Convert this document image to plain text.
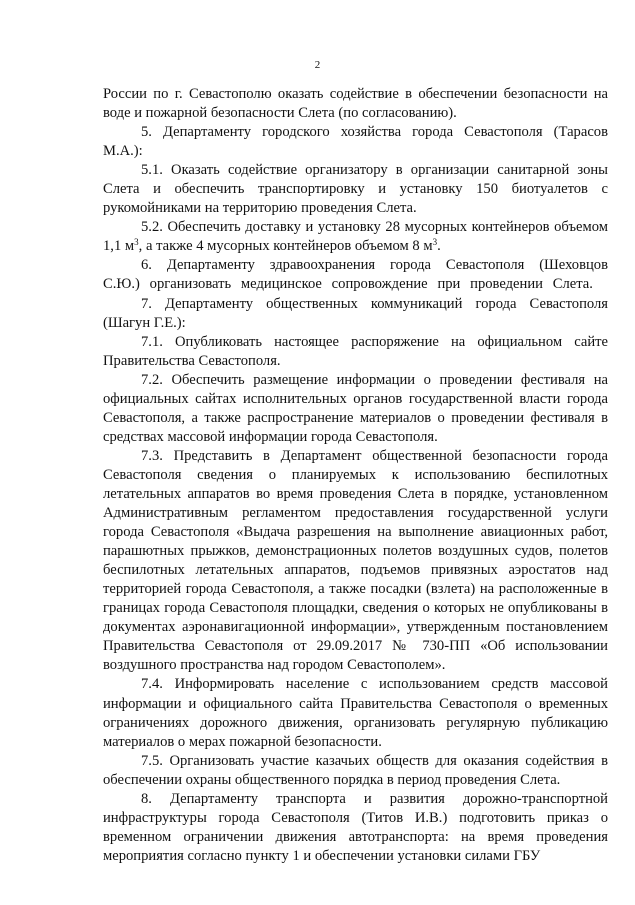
2

России по г. Севастополю оказать содействие в обеспечении безопасности на воде и пожарной безопасности Слета (по согласованию).

5. Департаменту городского хозяйства города Севастополя (Тарасов М.А.):

5.1. Оказать содействие организатору в организации санитарной зоны Слета и обеспечить транспортировку и установку 150 биотуалетов с рукомойниками на территорию проведения Слета.

5.2. Обеспечить доставку и установку 28 мусорных контейнеров объемом 1,1 $м^3$, а также 4 мусорных контейнеров объемом 8 $м^3$.

6. Департаменту здравоохранения города Севастополя (Шеховцов С.Ю.) организовать медицинское сопровождение при проведении Слета.

7. Департаменту общественных коммуникаций города Севастополя (Шагун Г.Е.):

7.1. Опубликовать настоящее распоряжение на официальном сайте Правительства Севастополя.

7.2. Обеспечить размещение информации о проведении фестиваля на официальных сайтах исполнительных органов государственной власти города Севастополя, а также распространение материалов о проведении фестиваля в средствах массовой информации города Севастополя.

7.3. Представить в Департамент общественной безопасности города Севастополя сведения о планируемых к использованию беспилотных летательных аппаратов во время проведения Слета в порядке, установленном Административным регламентом предоставления государственной услуги города Севастополя «Выдача разрешения на выполнение авиационных работ, парашютных прыжков, демонстрационных полетов воздушных судов, полетов беспилотных летательных аппаратов, подъемов привязных аэростатов над территорией города Севастополя, а также посадки (взлета) на расположенные в границах города Севастополя площадки, сведения о которых не опубликованы в документах аэронавигационной информации», утвержденным постановлением Правительства Севастополя от 29.09.2017 № 730-ПП «Об использовании воздушного пространства над городом Севастополем».

7.4. Информировать население с использованием средств массовой информации и официального сайта Правительства Севастополя о временных ограничениях дорожного движения, организовать регулярную публикацию материалов о мерах пожарной безопасности.

7.5. Организовать участие казачьих обществ для оказания содействия в обеспечении охраны общественного порядка в период проведения Слета.

8. Департаменту транспорта и развития дорожно-транспортной инфраструктуры города Севастополя (Титов И.В.) подготовить приказ о временном ограничении движения автотранспорта: на время проведения мероприятия согласно пункту 1 и обеспечении установки силами ГБУ
